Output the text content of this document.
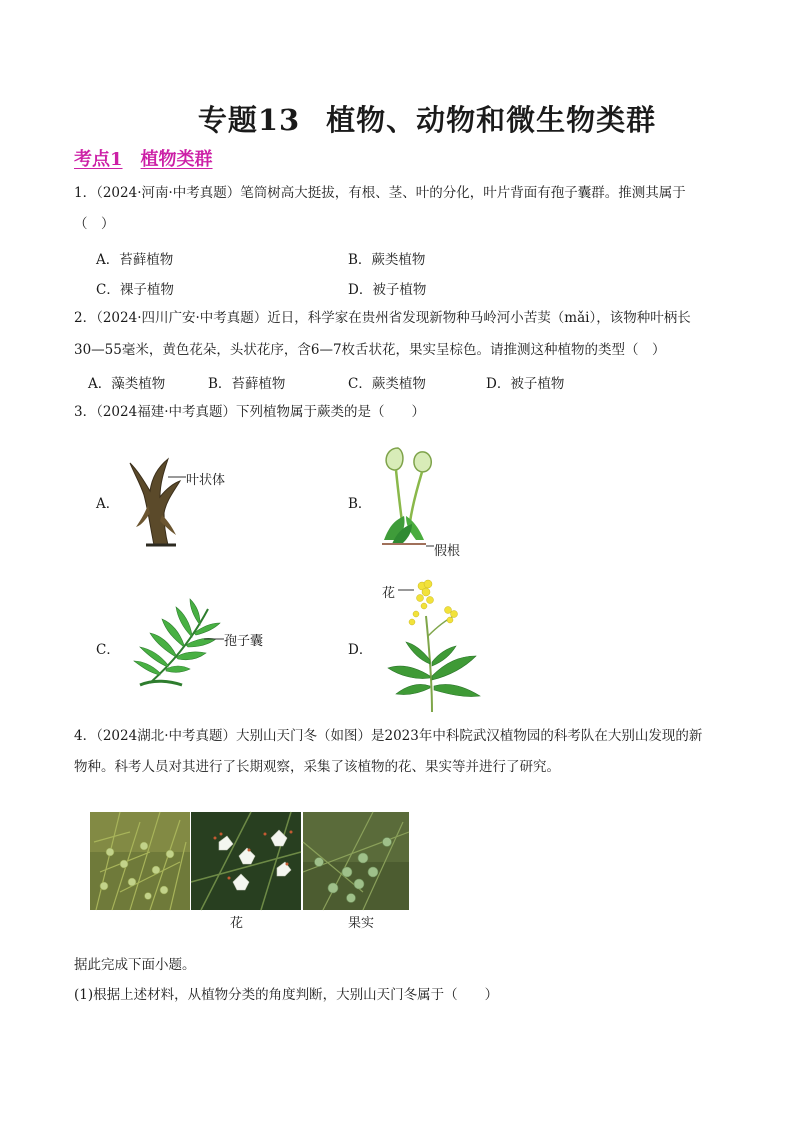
专题13 植物、动物和微生物类群
考点1 植物类群
1．（2024·河南·中考真题）笔筒树高大挺拔，有根、茎、叶的分化，叶片背面有孢子囊群。推测其属于
（　）
A．苔藓植物	B．蕨类植物
C．裸子植物	D．被子植物
2．（2024·四川广安·中考真题）近日，科学家在贵州省发现新物种马岭河小苦荬（mǎi），该物种叶柄长
30—55毫米，黄色花朵，头状花序，含6—7枚舌状花，果实呈棕色。请推测这种植物的类型（　）
A．藻类植物	B．苔藓植物	C．蕨类植物	D．被子植物
3．（2024福建·中考真题）下列植物属于蕨类的是（　　）
A．	B．
C．	D．
叶状体
假根
孢子囊
花
4．（2024湖北·中考真题）大别山天门冬（如图）是2023年中科院武汉植物园的科考队在大别山发现的新
物种。科考人员对其进行了长期观察，采集了该植物的花、果实等并进行了研究。
花	果实
据此完成下面小题。
(1)根据上述材料，从植物分类的角度判断，大别山天门冬属于（　　）
